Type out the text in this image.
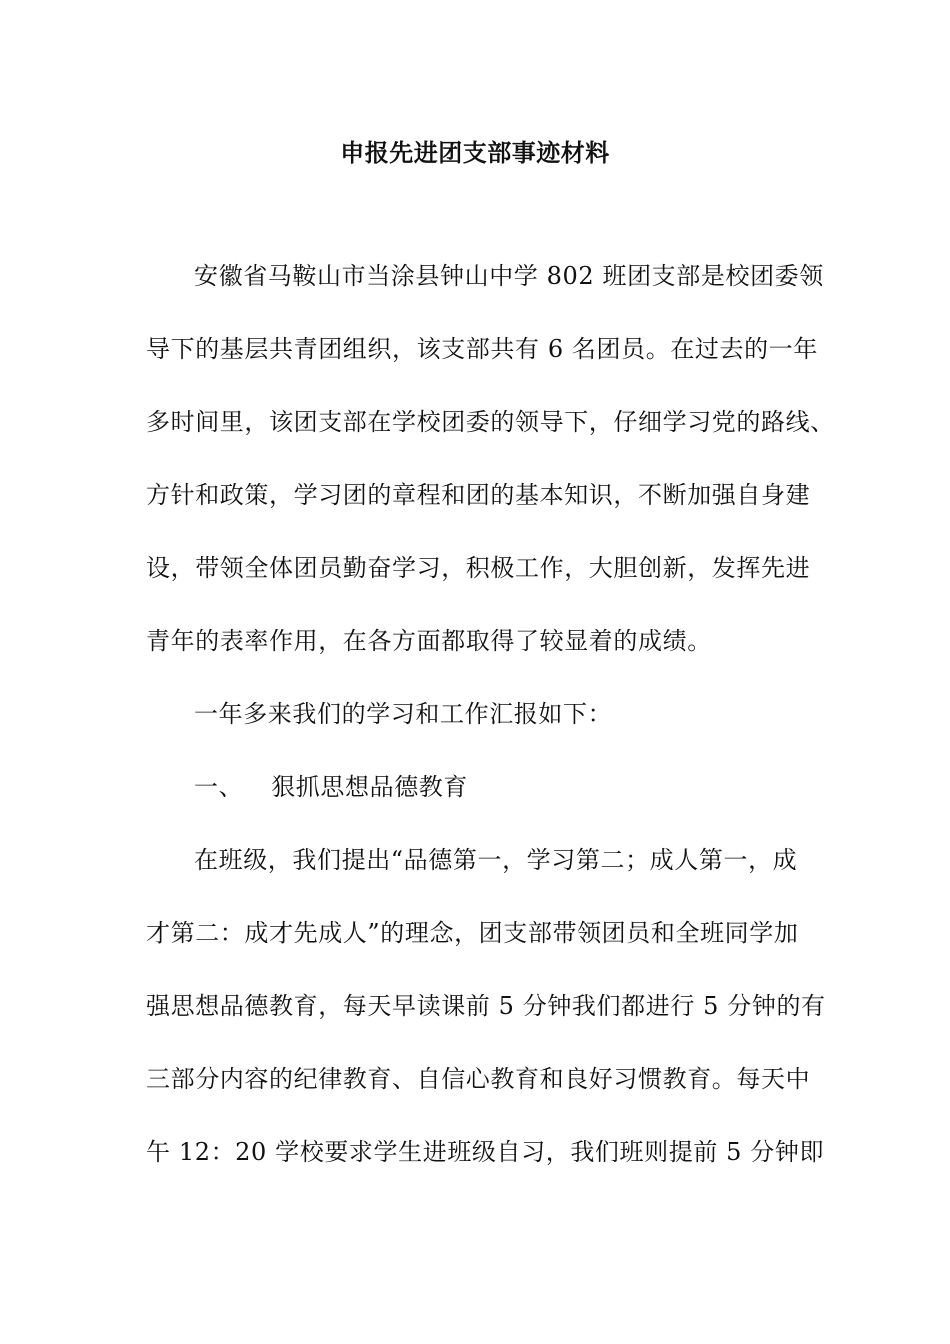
申报先进团支部事迹材料
安徽省马鞍山市当涂县钟山中学 802 班团支部是校团委领
导下的基层共青团组织，该支部共有 6 名团员。在过去的一年
多时间里，该团支部在学校团委的领导下，仔细学习党的路线、
方针和政策，学习团的章程和团的基本知识，不断加强自身建
设，带领全体团员勤奋学习，积极工作，大胆创新，发挥先进
青年的表率作用，在各方面都取得了较显着的成绩。
一年多来我们的学习和工作汇报如下：
一、 狠抓思想品德教育
在班级，我们提出“品德第一，学习第二；成人第一，成
才第二：成才先成人”的理念，团支部带领团员和全班同学加
强思想品德教育，每天早读课前 5 分钟我们都进行 5 分钟的有
三部分内容的纪律教育、自信心教育和良好习惯教育。每天中
午 12：20 学校要求学生进班级自习，我们班则提前 5 分钟即
